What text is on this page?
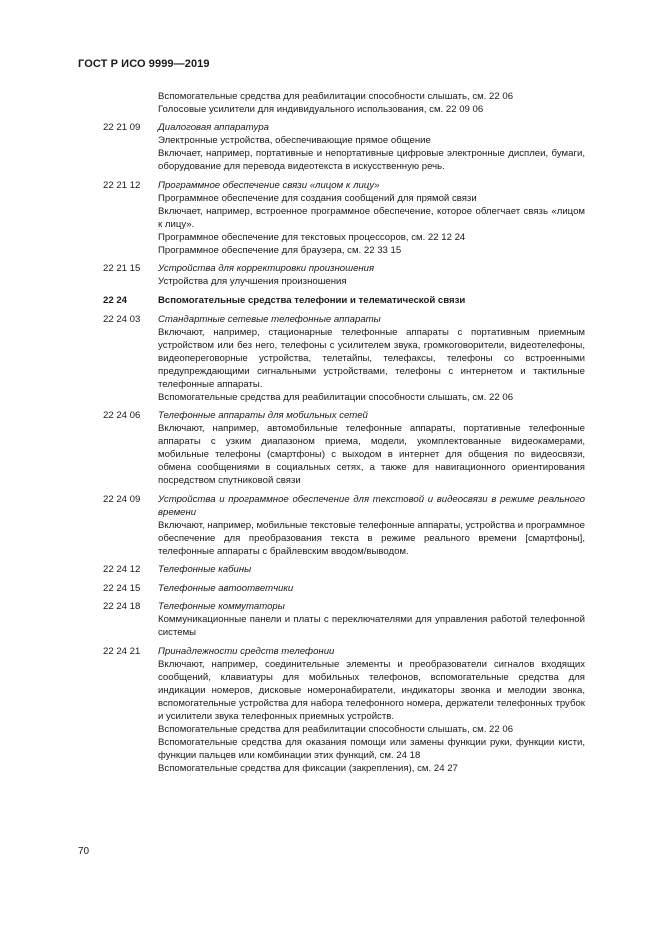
ГОСТ Р ИСО 9999—2019
Вспомогательные средства для реабилитации способности слышать, см. 22 06
Голосовые усилители для индивидуального использования, см. 22 09 06
22 21 09	Диалоговая аппаратура
Электронные устройства, обеспечивающие прямое общение
Включает, например, портативные и непортативные цифровые электронные дисплеи, бумаги, оборудование для перевода видеотекста в искусственную речь.
22 21 12	Программное обеспечение связи «лицом к лицу»
Программное обеспечение для создания сообщений для прямой связи
Включает, например, встроенное программное обеспечение, которое облегчает связь «лицом к лицу».
Программное обеспечение для текстовых процессоров, см. 22 12 24
Программное обеспечение для браузера, см. 22 33 15
22 21 15	Устройства для корректировки произношения
Устройства для улучшения произношения
22 24	Вспомогательные средства телефонии и телематической связи
22 24 03	Стандартные сетевые телефонные аппараты
Включают, например, стационарные телефонные аппараты с портативным приемным устройством или без него, телефоны с усилителем звука, громкоговорители, видеотелефоны, видеопереговорные устройства, телетайпы, телефаксы, телефоны со встроенными предупреждающими сигнальными устройствами, телефоны с интернетом и тактильные телефонные аппараты.
Вспомогательные средства для реабилитации способности слышать, см. 22 06
22 24 06	Телефонные аппараты для мобильных сетей
Включают, например, автомобильные телефонные аппараты, портативные телефонные аппараты с узким диапазоном приема, модели, укомплектованные видеокамерами, мобильные телефоны (смартфоны) с выходом в интернет для общения по видеосвязи, обмена сообщениями в социальных сетях, а также для навигационного ориентирования посредством спутниковой связи
22 24 09	Устройства и программное обеспечение для текстовой и видеосвязи в режиме реального времени
Включают, например, мобильные текстовые телефонные аппараты, устройства и программное обеспечение для преобразования текста в режиме реального времени [смартфоны], телефонные аппараты с брайлевским вводом/выводом.
22 24 12	Телефонные кабины
22 24 15	Телефонные автоответчики
22 24 18	Телефонные коммутаторы
Коммуникационные панели и платы с переключателями для управления работой телефонной системы
22 24 21	Принадлежности средств телефонии
Включают, например, соединительные элементы и преобразователи сигналов входящих сообщений, клавиатуры для мобильных телефонов, вспомогательные средства для индикации номеров, дисковые номеронабиратели, индикаторы звонка и мелодии звонка, вспомогательные устройства для набора телефонного номера, держатели телефонных трубок и усилители звука телефонных приемных устройств.
Вспомогательные средства для реабилитации способности слышать, см. 22 06
Вспомогательные средства для оказания помощи или замены функции руки, функции кисти, функции пальцев или комбинации этих функций, см. 24 18
Вспомогательные средства для фиксации (закрепления), см. 24 27
70
